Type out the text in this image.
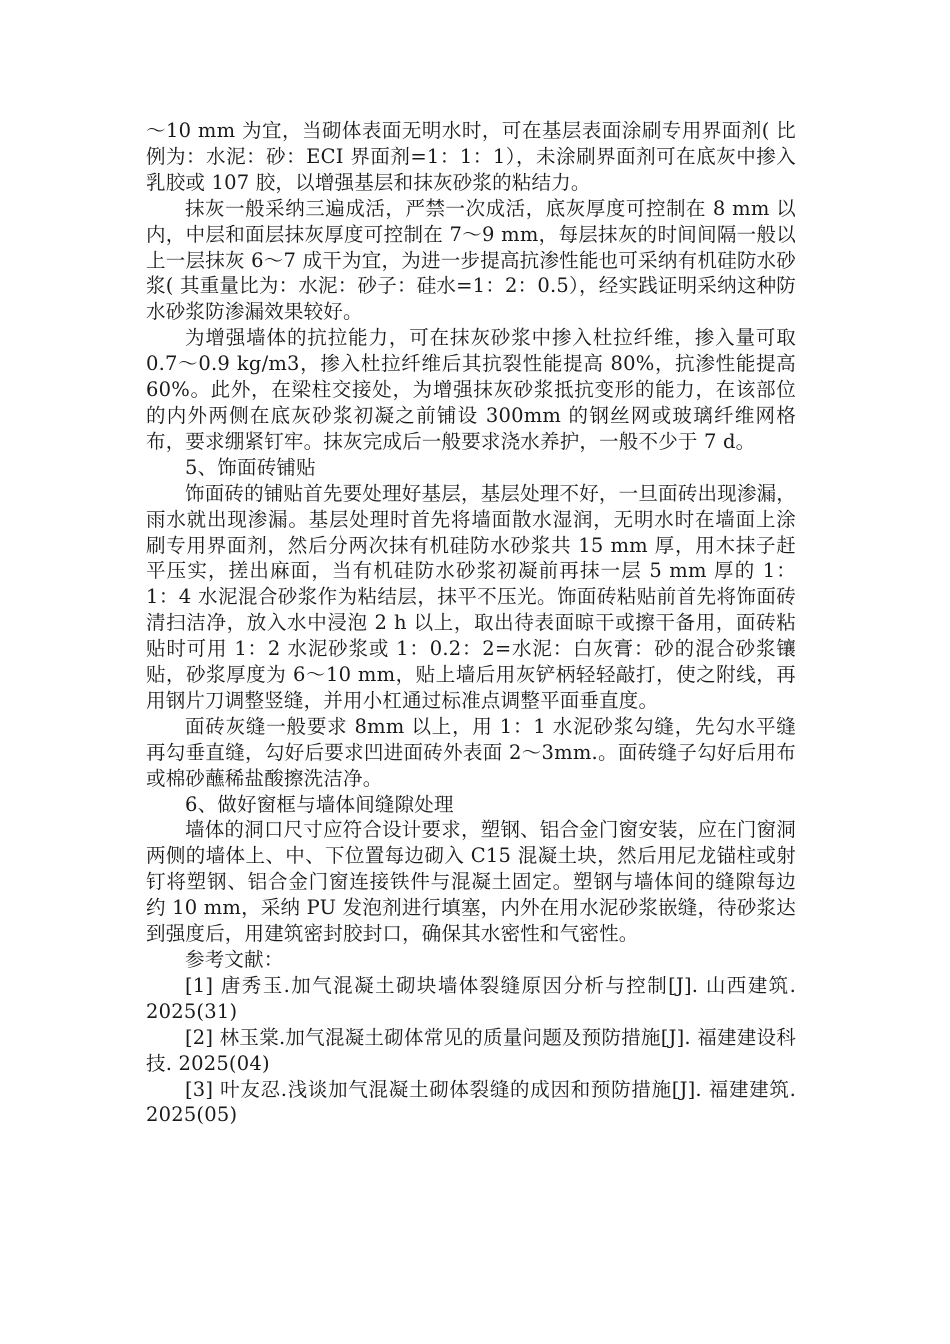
～10 mm 为宜，当砌体表面无明水时，可在基层表面涂刷专用界面剂( 比例为：水泥：砂：ECI 界面剂=1：1：1），未涂刷界面剂可在底灰中掺入乳胶或 107 胶，以增强基层和抹灰砂浆的粘结力。

抹灰一般采纳三遍成活，严禁一次成活，底灰厚度可控制在 8 mm 以内，中层和面层抹灰厚度可控制在 7～9 mm，每层抹灰的时间间隔一般以上一层抹灰 6～7 成干为宜，为进一步提高抗渗性能也可采纳有机硅防水砂浆( 其重量比为：水泥：砂子：硅水=1：2：0.5），经实践证明采纳这种防水砂浆防渗漏效果较好。

为增强墙体的抗拉能力，可在抹灰砂浆中掺入杜拉纤维，掺入量可取 0.7～0.9 kg/m3，掺入杜拉纤维后其抗裂性能提高 80%，抗渗性能提高 60%。此外，在梁柱交接处，为增强抹灰砂浆抵抗变形的能力，在该部位的内外两侧在底灰砂浆初凝之前铺设 300mm 的钢丝网或玻璃纤维网格布，要求绷紧钉牢。抹灰完成后一般要求浇水养护，一般不少于 7 d。

5、饰面砖铺贴

饰面砖的铺贴首先要处理好基层，基层处理不好，一旦面砖出现渗漏，雨水就出现渗漏。基层处理时首先将墙面散水湿润，无明水时在墙面上涂刷专用界面剂，然后分两次抹有机硅防水砂浆共 15 mm 厚，用木抹子赶平压实，搓出麻面，当有机硅防水砂浆初凝前再抹一层 5 mm 厚的 1：1：4 水泥混合砂浆作为粘结层，抹平不压光。饰面砖粘贴前首先将饰面砖清扫洁净，放入水中浸泡 2 h 以上，取出待表面晾干或擦干备用，面砖粘贴时可用 1：2 水泥砂浆或 1：0.2：2=水泥：白灰膏：砂的混合砂浆镶贴，砂浆厚度为 6～10 mm，贴上墙后用灰铲柄轻轻敲打，使之附线，再用钢片刀调整竖缝，并用小杠通过标准点调整平面垂直度。

面砖灰缝一般要求 8mm 以上，用 1：1 水泥砂浆勾缝，先勾水平缝再勾垂直缝，勾好后要求凹进面砖外表面 2～3mm.。面砖缝子勾好后用布或棉砂蘸稀盐酸擦洗洁净。

6、做好窗框与墙体间缝隙处理

墙体的洞口尺寸应符合设计要求，塑钢、铝合金门窗安装，应在门窗洞两侧的墙体上、中、下位置每边砌入 C15 混凝土块，然后用尼龙锚柱或射钉将塑钢、铝合金门窗连接铁件与混凝土固定。塑钢与墙体间的缝隙每边约 10 mm，采纳 PU 发泡剂进行填塞，内外在用水泥砂浆嵌缝，待砂浆达到强度后，用建筑密封胶封口，确保其水密性和气密性。

参考文献：

[1] 唐秀玉.加气混凝土砌块墙体裂缝原因分析与控制[J]. 山西建筑. 2025(31)

[2] 林玉棠.加气混凝土砌体常见的质量问题及预防措施[J]. 福建建设科技. 2025(04)

[3] 叶友忍.浅谈加气混凝土砌体裂缝的成因和预防措施[J]. 福建建筑. 2025(05)
